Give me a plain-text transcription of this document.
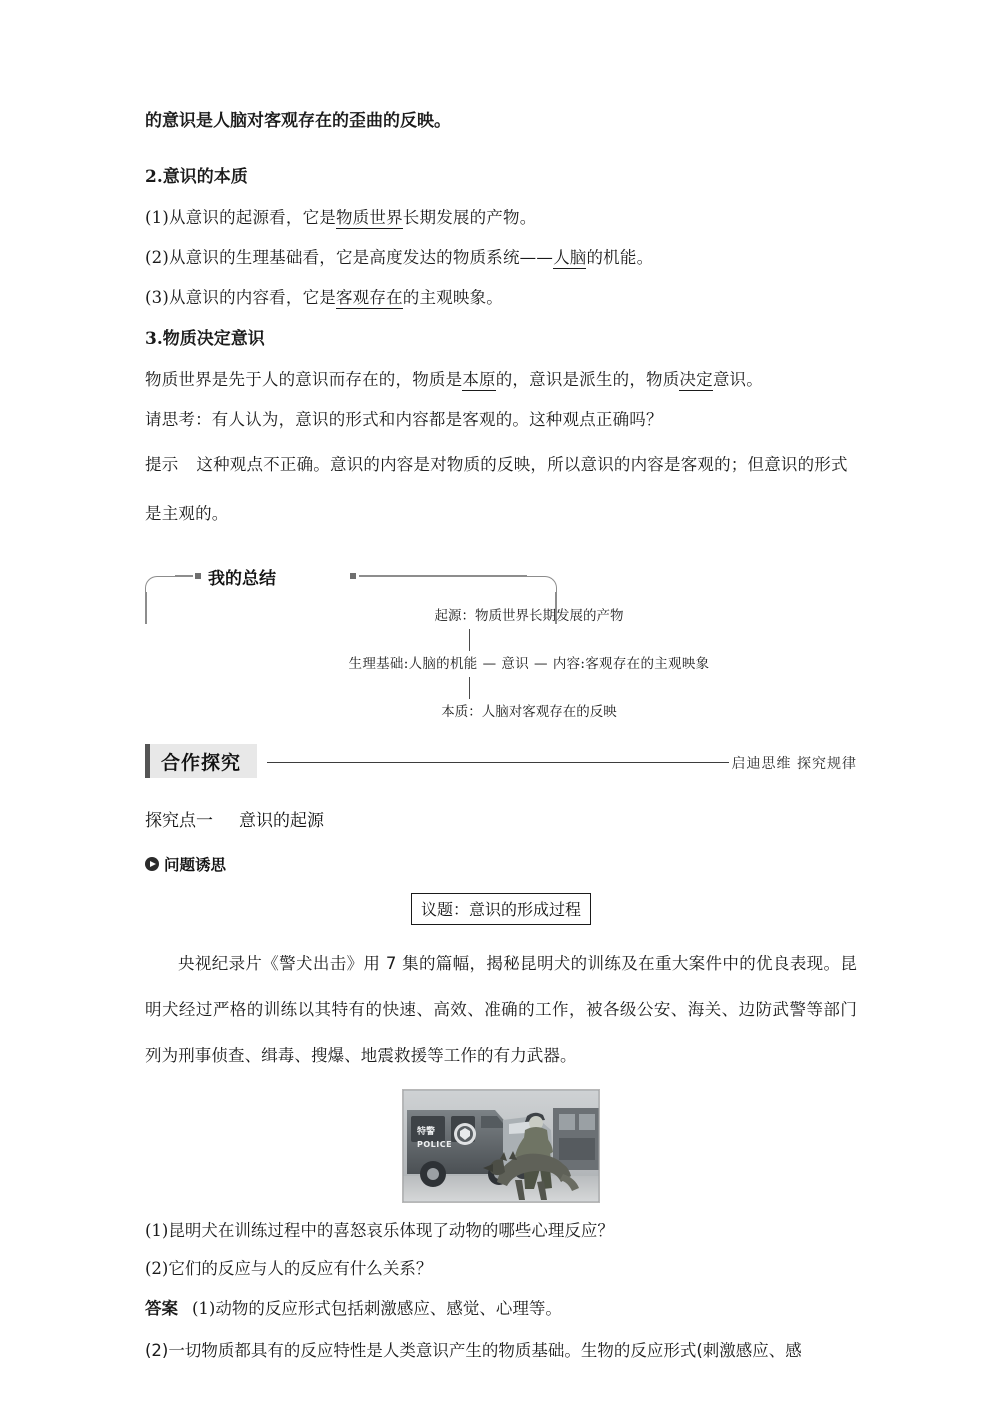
的意识是人脑对客观存在的歪曲的反映。
2.意识的本质
(1)从意识的起源看，它是物质世界长期发展的产物。
(2)从意识的生理基础看，它是高度发达的物质系统——人脑的机能。
(3)从意识的内容看，它是客观存在的主观映象。
3.物质决定意识
物质世界是先于人的意识而存在的，物质是本原的，意识是派生的，物质决定意识。
请思考：有人认为，意识的形式和内容都是客观的。这种观点正确吗？
提示 这种观点不正确。意识的内容是对物质的反映，所以意识的内容是客观的；但意识的形式是主观的。
我的总结
起源：物质世界长期发展的产物
生理基础:人脑的机能 — 意识 — 内容:客观存在的主观映象
本质：人脑对客观存在的反映
合作探究	启迪思维 探究规律
探究点一 意识的起源
问题诱思
议题：意识的形成过程
央视纪录片《警犬出击》用 7 集的篇幅，揭秘昆明犬的训练及在重大案件中的优良表现。昆明犬经过严格的训练以其特有的快速、高效、准确的工作，被各级公安、海关、边防武警等部门列为刑事侦查、缉毒、搜爆、地震救援等工作的有力武器。
特警
POLICE
(1)昆明犬在训练过程中的喜怒哀乐体现了动物的哪些心理反应？
(2)它们的反应与人的反应有什么关系？
答案 (1)动物的反应形式包括刺激感应、感觉、心理等。
(2)一切物质都具有的反应特性是人类意识产生的物质基础。生物的反应形式(刺激感应、感
